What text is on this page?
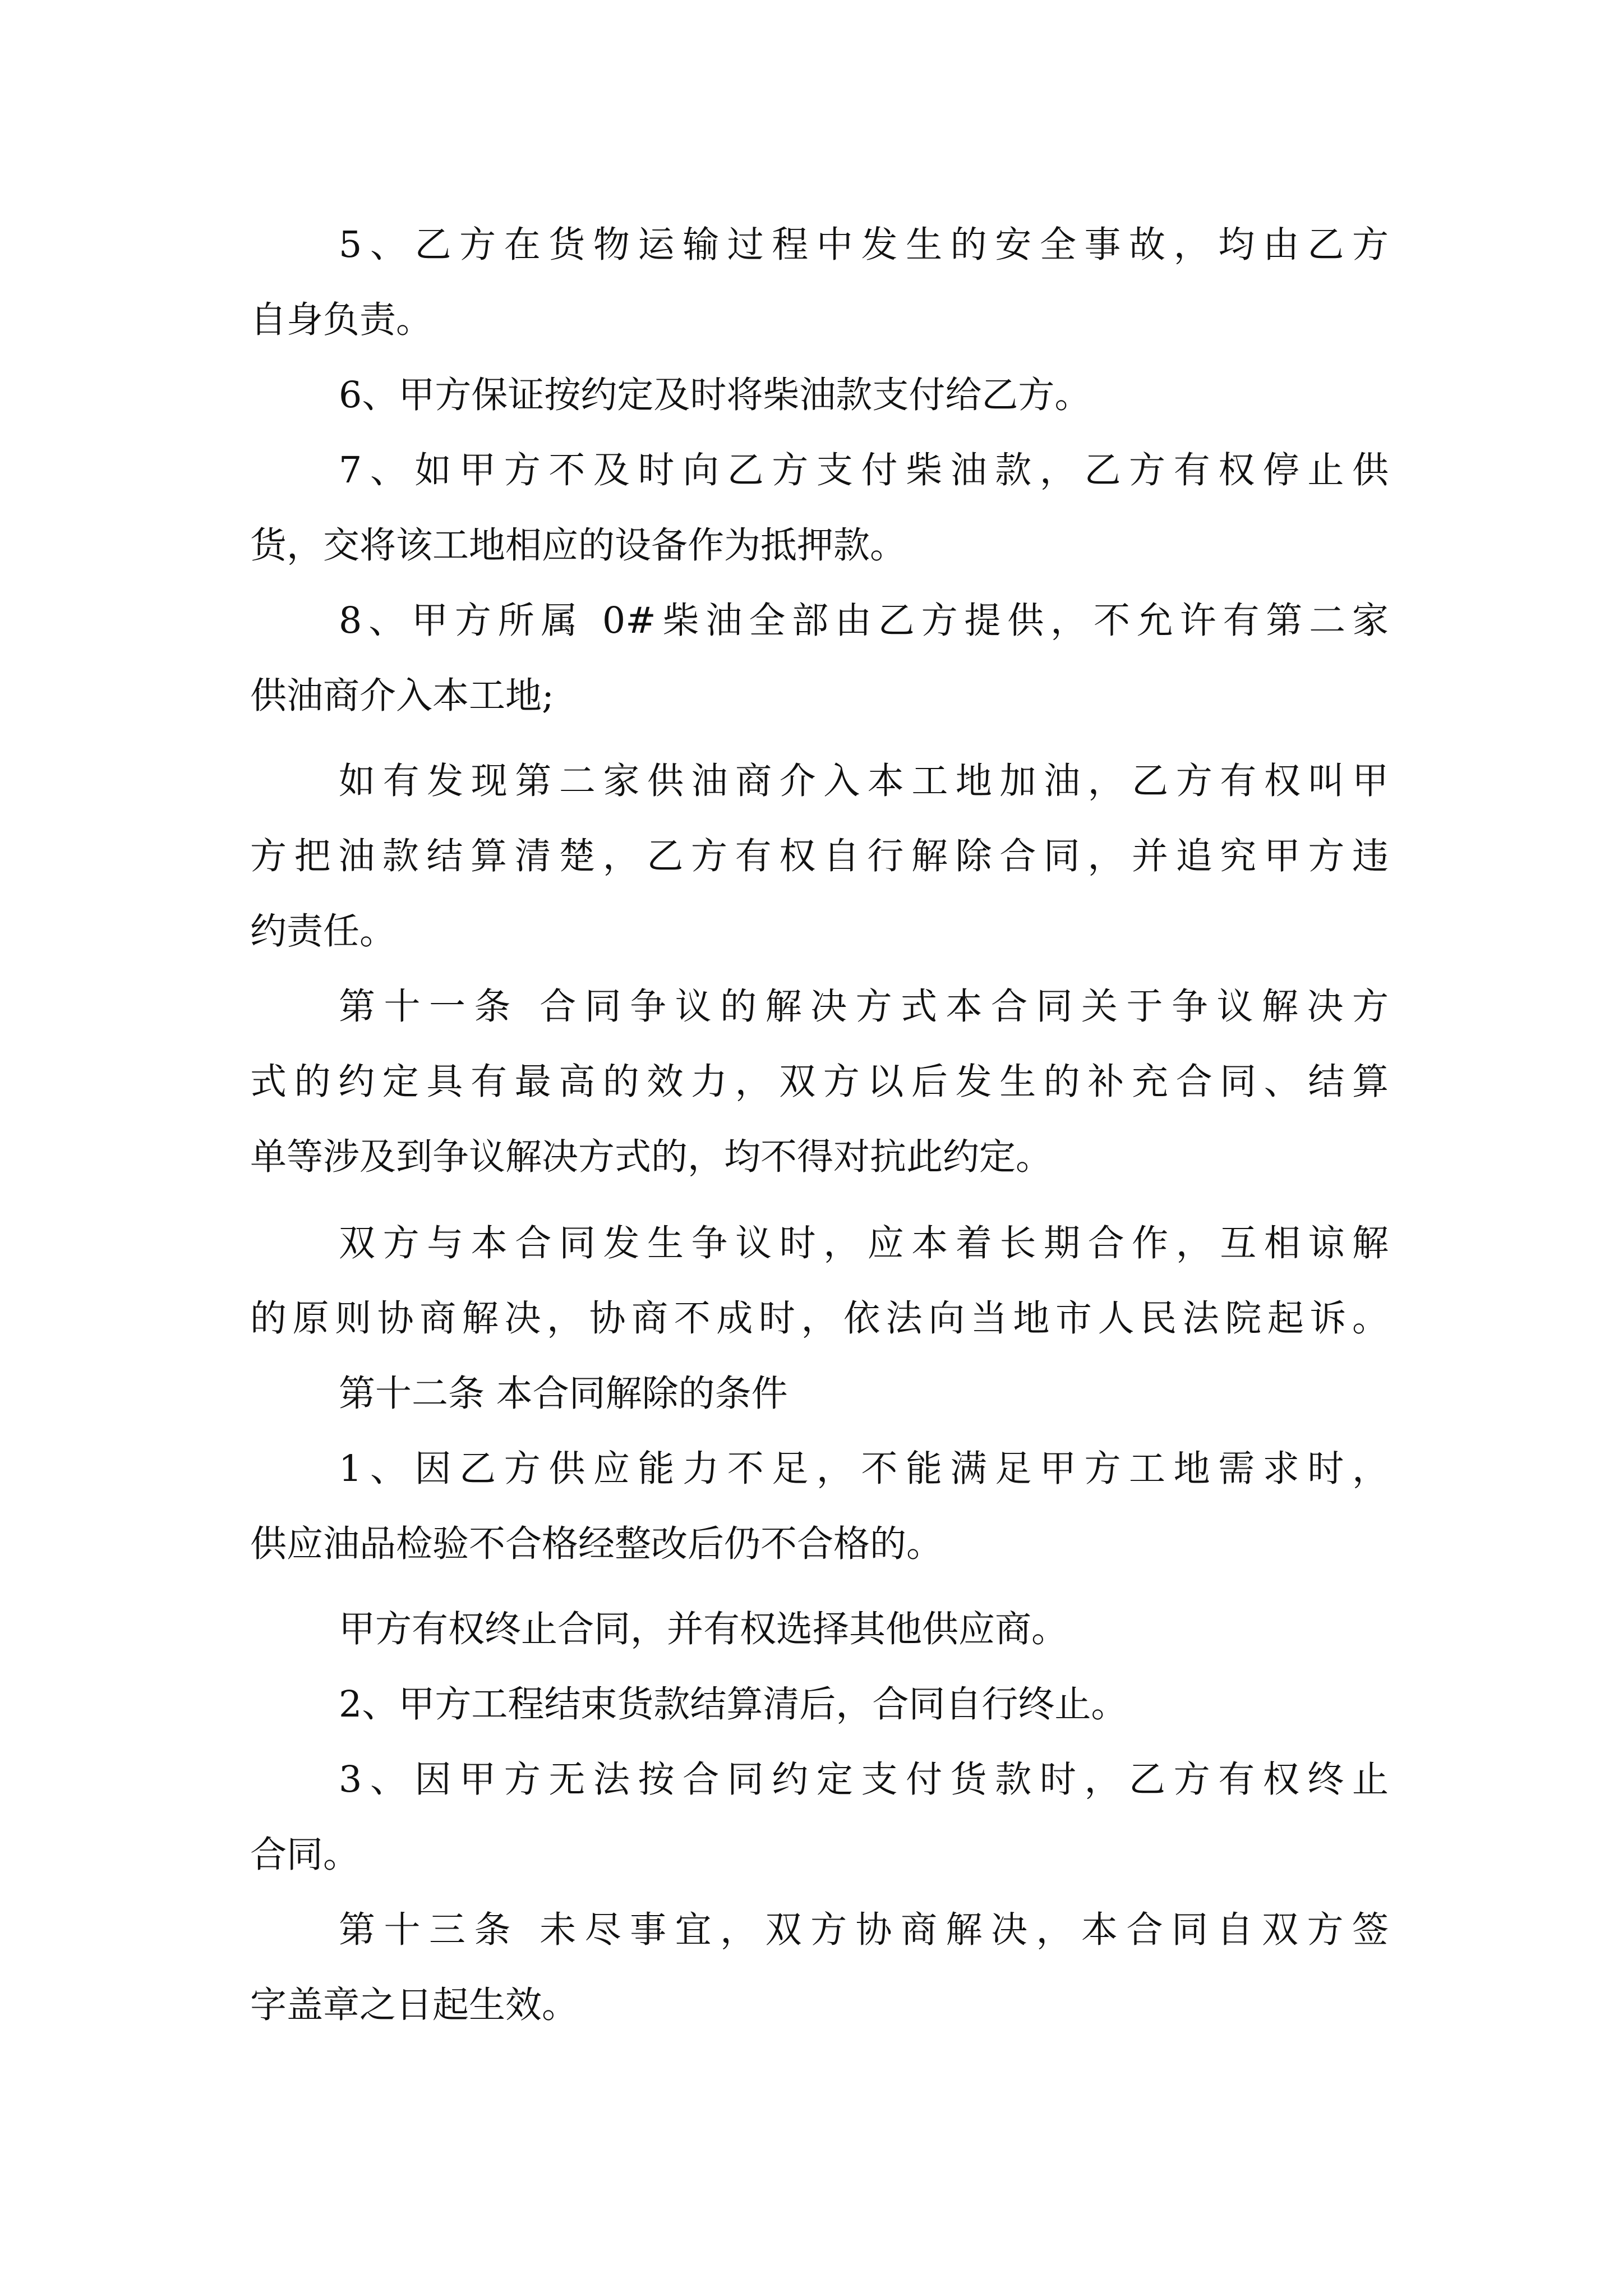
5、乙方在货物运输过程中发生的安全事故，均由乙方
自身负责。
6、甲方保证按约定及时将柴油款支付给乙方。
7、如甲方不及时向乙方支付柴油款，乙方有权停止供
货，交将该工地相应的设备作为抵押款。
8、甲方所属 0#柴油全部由乙方提供，不允许有第二家
供油商介入本工地;
如有发现第二家供油商介入本工地加油，乙方有权叫甲
方把油款结算清楚，乙方有权自行解除合同，并追究甲方违
约责任。
第十一条 合同争议的解决方式本合同关于争议解决方
式的约定具有最高的效力，双方以后发生的补充合同、结算
单等涉及到争议解决方式的，均不得对抗此约定。
双方与本合同发生争议时，应本着长期合作，互相谅解
的原则协商解决，协商不成时，依法向当地市人民法院起诉。
第十二条 本合同解除的条件
1、因乙方供应能力不足，不能满足甲方工地需求时，
供应油品检验不合格经整改后仍不合格的。
甲方有权终止合同，并有权选择其他供应商。
2、甲方工程结束货款结算清后，合同自行终止。
3、因甲方无法按合同约定支付货款时，乙方有权终止
合同。
第十三条 未尽事宜，双方协商解决，本合同自双方签
字盖章之日起生效。
